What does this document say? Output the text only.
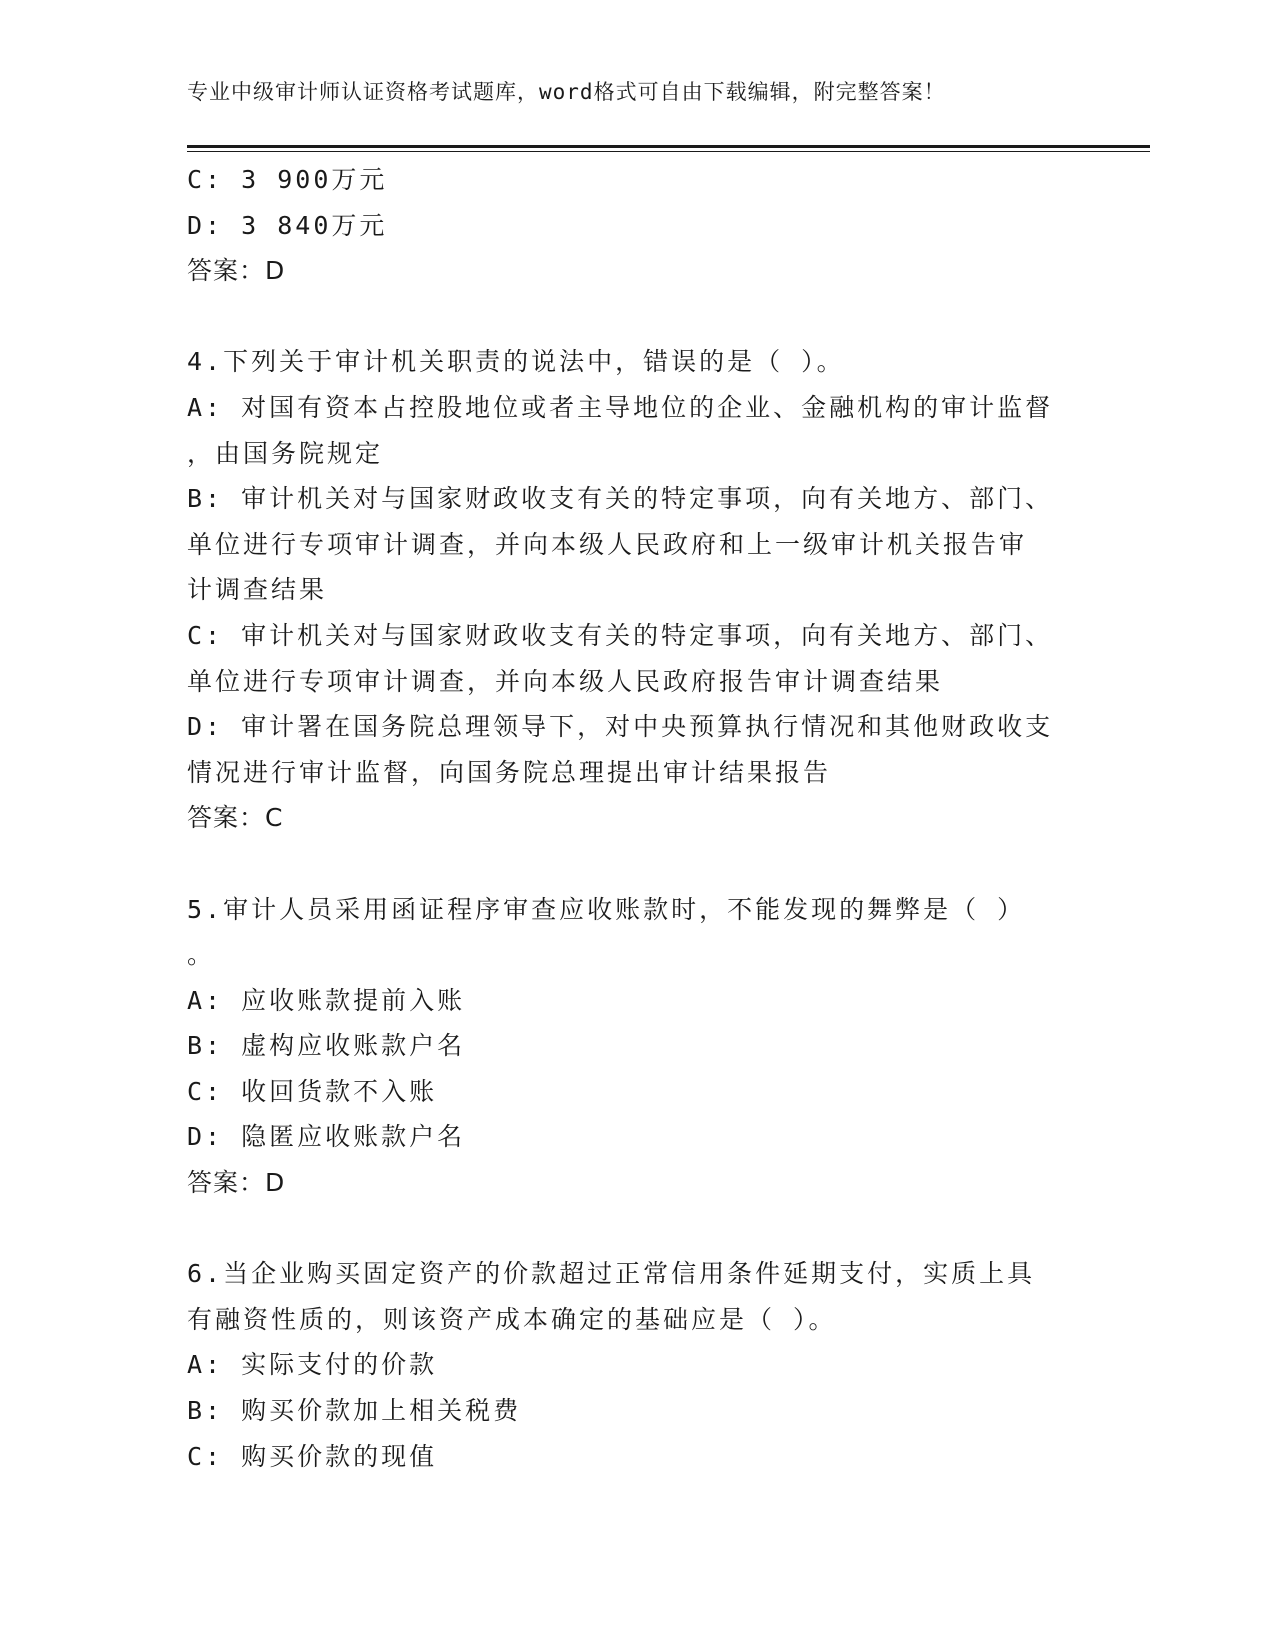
专业中级审计师认证资格考试题库，word格式可自由下载编辑，附完整答案！
C: 3 900万元
D: 3 840万元
答案：D
4.下列关于审计机关职责的说法中，错误的是（ ）。
A: 对国有资本占控股地位或者主导地位的企业、金融机构的审计监督
，由国务院规定
B: 审计机关对与国家财政收支有关的特定事项，向有关地方、部门、
单位进行专项审计调查，并向本级人民政府和上一级审计机关报告审
计调查结果
C: 审计机关对与国家财政收支有关的特定事项，向有关地方、部门、
单位进行专项审计调查，并向本级人民政府报告审计调查结果
D: 审计署在国务院总理领导下，对中央预算执行情况和其他财政收支
情况进行审计监督，向国务院总理提出审计结果报告
答案：C
5.审计人员采用函证程序审查应收账款时，不能发现的舞弊是（ ）
。
A: 应收账款提前入账
B: 虚构应收账款户名
C: 收回货款不入账
D: 隐匿应收账款户名
答案：D
6.当企业购买固定资产的价款超过正常信用条件延期支付，实质上具
有融资性质的，则该资产成本确定的基础应是（ ）。
A: 实际支付的价款
B: 购买价款加上相关税费
C: 购买价款的现值
